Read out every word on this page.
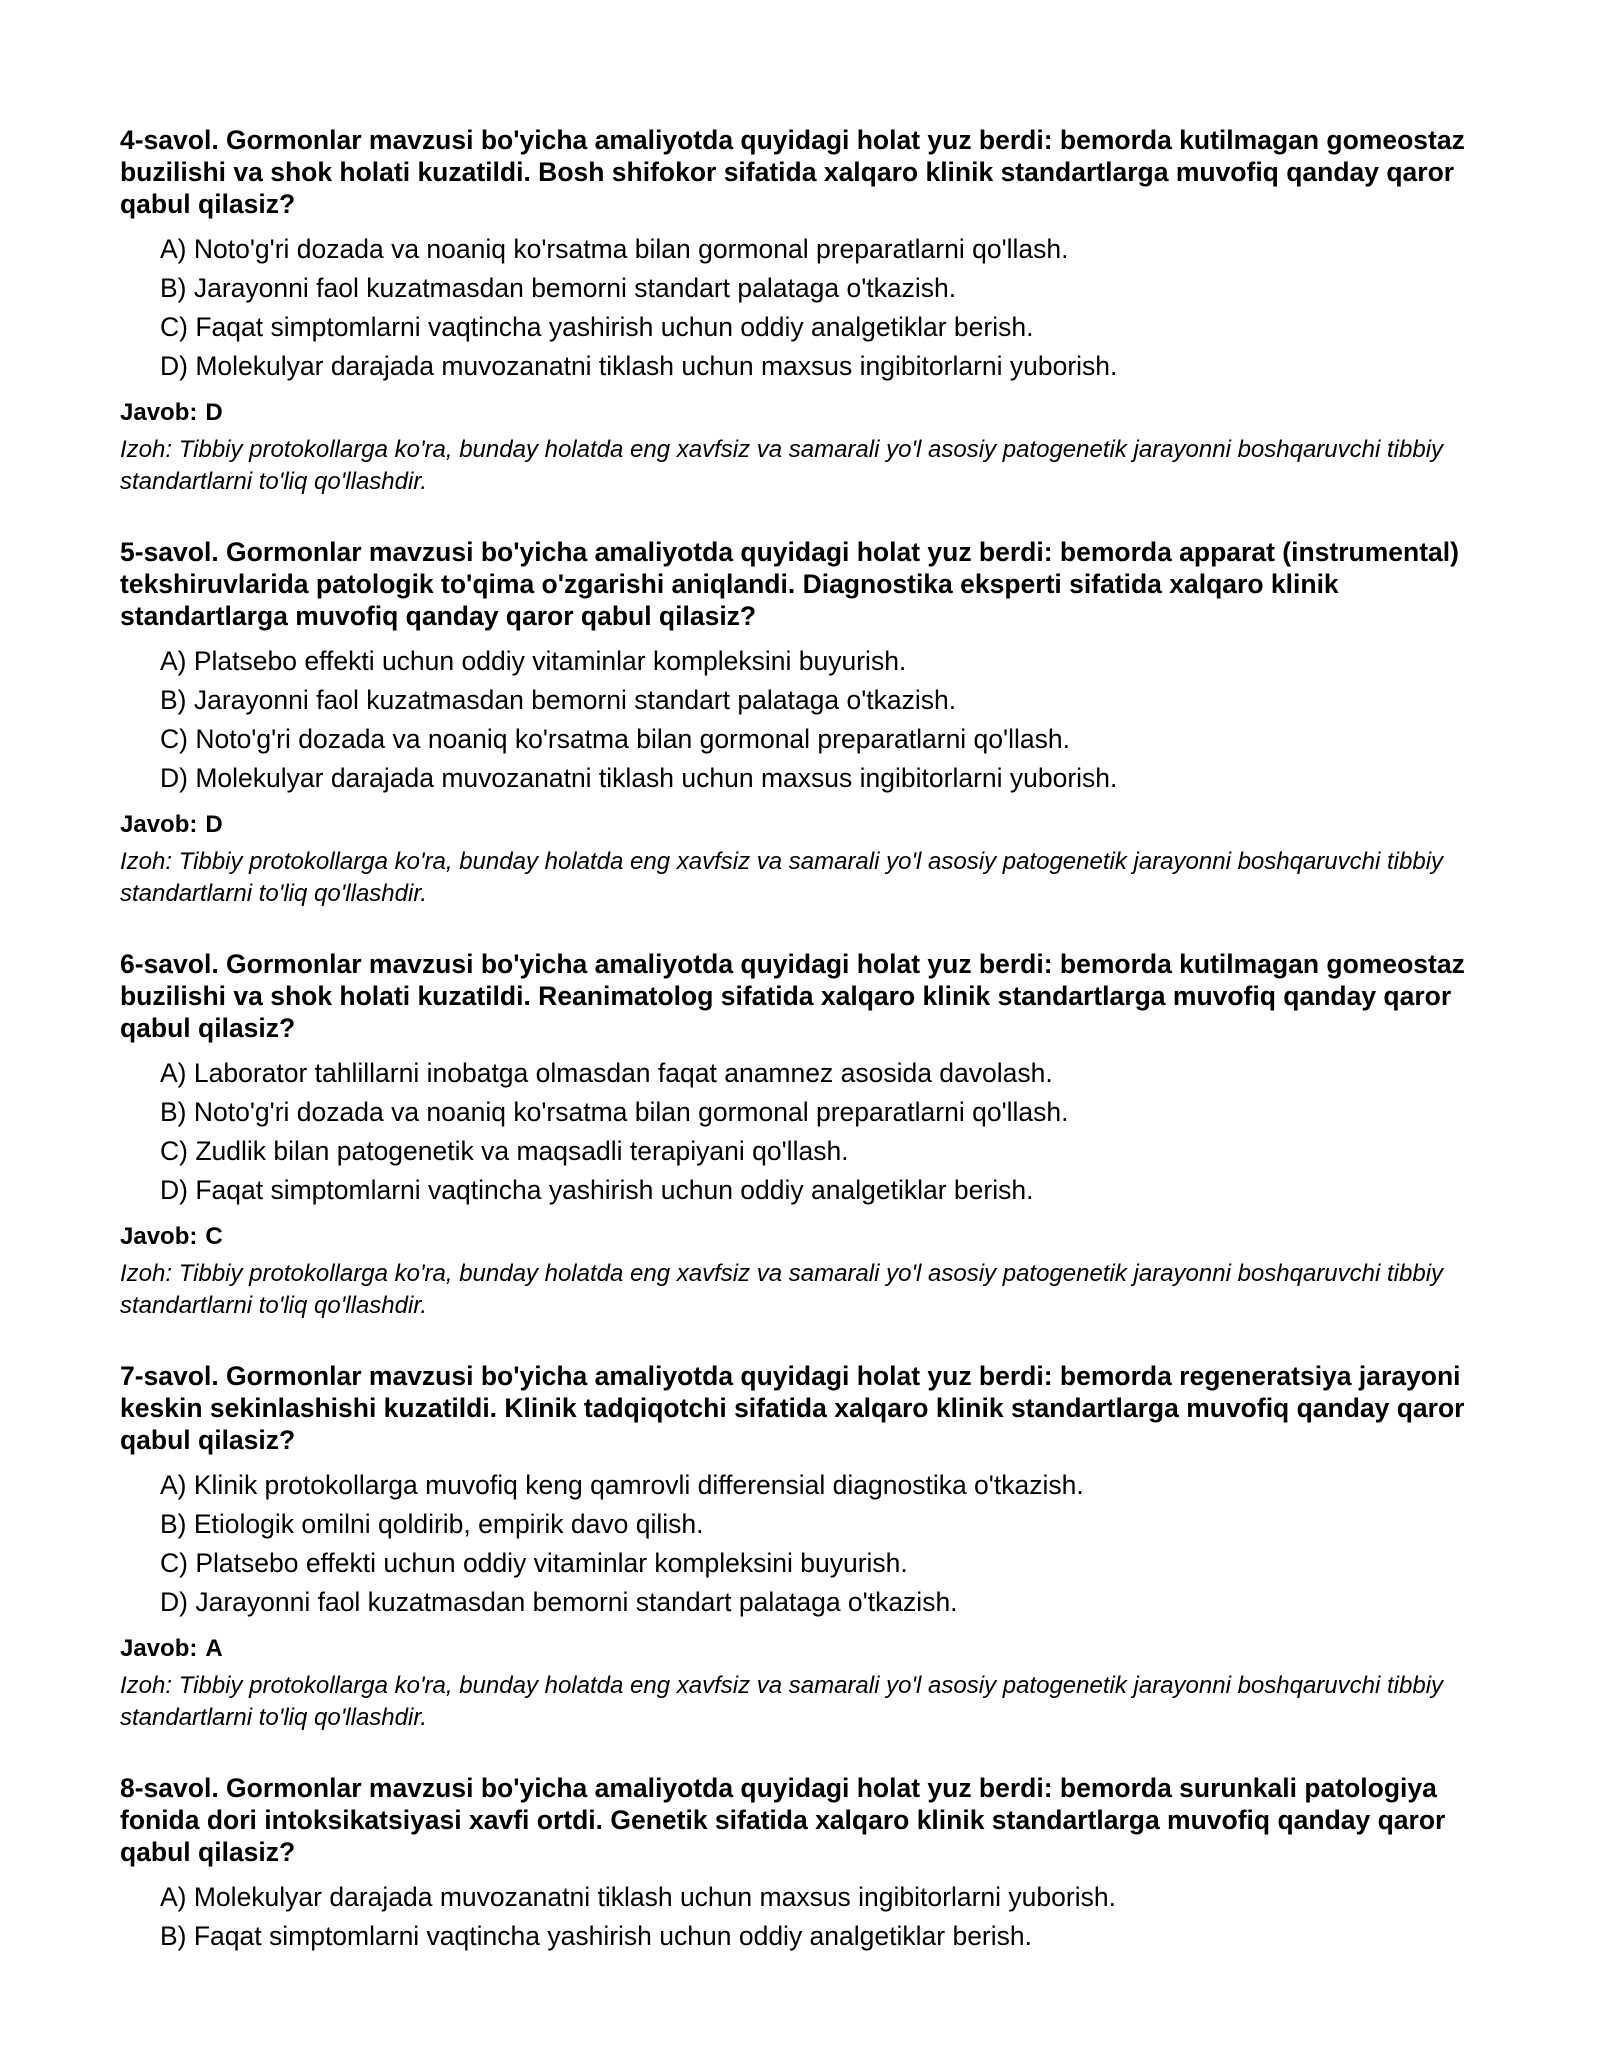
4-savol. Gormonlar mavzusi bo'yicha amaliyotda quyidagi holat yuz berdi: bemorda kutilmagan gomeostaz buzilishi va shok holati kuzatildi. Bosh shifokor sifatida xalqaro klinik standartlarga muvofiq qanday qaror qabul qilasiz?

A) Noto'g'ri dozada va noaniq ko'rsatma bilan gormonal preparatlarni qo'llash.
B) Jarayonni faol kuzatmasdan bemorni standart palataga o'tkazish.
C) Faqat simptomlarni vaqtincha yashirish uchun oddiy analgetiklar berish.
D) Molekulyar darajada muvozanatni tiklash uchun maxsus ingibitorlarni yuborish.
Javob: D

Izoh: Tibbiy protokollarga ko'ra, bunday holatda eng xavfsiz va samarali yo'l asosiy patogenetik jarayonni boshqaruvchi tibbiy standartlarni to'liq qo'llashdir.

5-savol. Gormonlar mavzusi bo'yicha amaliyotda quyidagi holat yuz berdi: bemorda apparat (instrumental) tekshiruvlarida patologik to'qima o'zgarishi aniqlandi. Diagnostika eksperti sifatida xalqaro klinik standartlarga muvofiq qanday qaror qabul qilasiz?

A) Platsebo effekti uchun oddiy vitaminlar kompleksini buyurish.
B) Jarayonni faol kuzatmasdan bemorni standart palataga o'tkazish.
C) Noto'g'ri dozada va noaniq ko'rsatma bilan gormonal preparatlarni qo'llash.
D) Molekulyar darajada muvozanatni tiklash uchun maxsus ingibitorlarni yuborish.
Javob: D

Izoh: Tibbiy protokollarga ko'ra, bunday holatda eng xavfsiz va samarali yo'l asosiy patogenetik jarayonni boshqaruvchi tibbiy standartlarni to'liq qo'llashdir.

6-savol. Gormonlar mavzusi bo'yicha amaliyotda quyidagi holat yuz berdi: bemorda kutilmagan gomeostaz buzilishi va shok holati kuzatildi. Reanimatolog sifatida xalqaro klinik standartlarga muvofiq qanday qaror qabul qilasiz?

A) Laborator tahlillarni inobatga olmasdan faqat anamnez asosida davolash.
B) Noto'g'ri dozada va noaniq ko'rsatma bilan gormonal preparatlarni qo'llash.
C) Zudlik bilan patogenetik va maqsadli terapiyani qo'llash.
D) Faqat simptomlarni vaqtincha yashirish uchun oddiy analgetiklar berish.
Javob: C

Izoh: Tibbiy protokollarga ko'ra, bunday holatda eng xavfsiz va samarali yo'l asosiy patogenetik jarayonni boshqaruvchi tibbiy standartlarni to'liq qo'llashdir.

7-savol. Gormonlar mavzusi bo'yicha amaliyotda quyidagi holat yuz berdi: bemorda regeneratsiya jarayoni keskin sekinlashishi kuzatildi. Klinik tadqiqotchi sifatida xalqaro klinik standartlarga muvofiq qanday qaror qabul qilasiz?

A) Klinik protokollarga muvofiq keng qamrovli differensial diagnostika o'tkazish.
B) Etiologik omilni qoldirib, empirik davo qilish.
C) Platsebo effekti uchun oddiy vitaminlar kompleksini buyurish.
D) Jarayonni faol kuzatmasdan bemorni standart palataga o'tkazish.
Javob: A

Izoh: Tibbiy protokollarga ko'ra, bunday holatda eng xavfsiz va samarali yo'l asosiy patogenetik jarayonni boshqaruvchi tibbiy standartlarni to'liq qo'llashdir.

8-savol. Gormonlar mavzusi bo'yicha amaliyotda quyidagi holat yuz berdi: bemorda surunkali patologiya fonida dori intoksikatsiyasi xavfi ortdi. Genetik sifatida xalqaro klinik standartlarga muvofiq qanday qaror qabul qilasiz?

A) Molekulyar darajada muvozanatni tiklash uchun maxsus ingibitorlarni yuborish.
B) Faqat simptomlarni vaqtincha yashirish uchun oddiy analgetiklar berish.
